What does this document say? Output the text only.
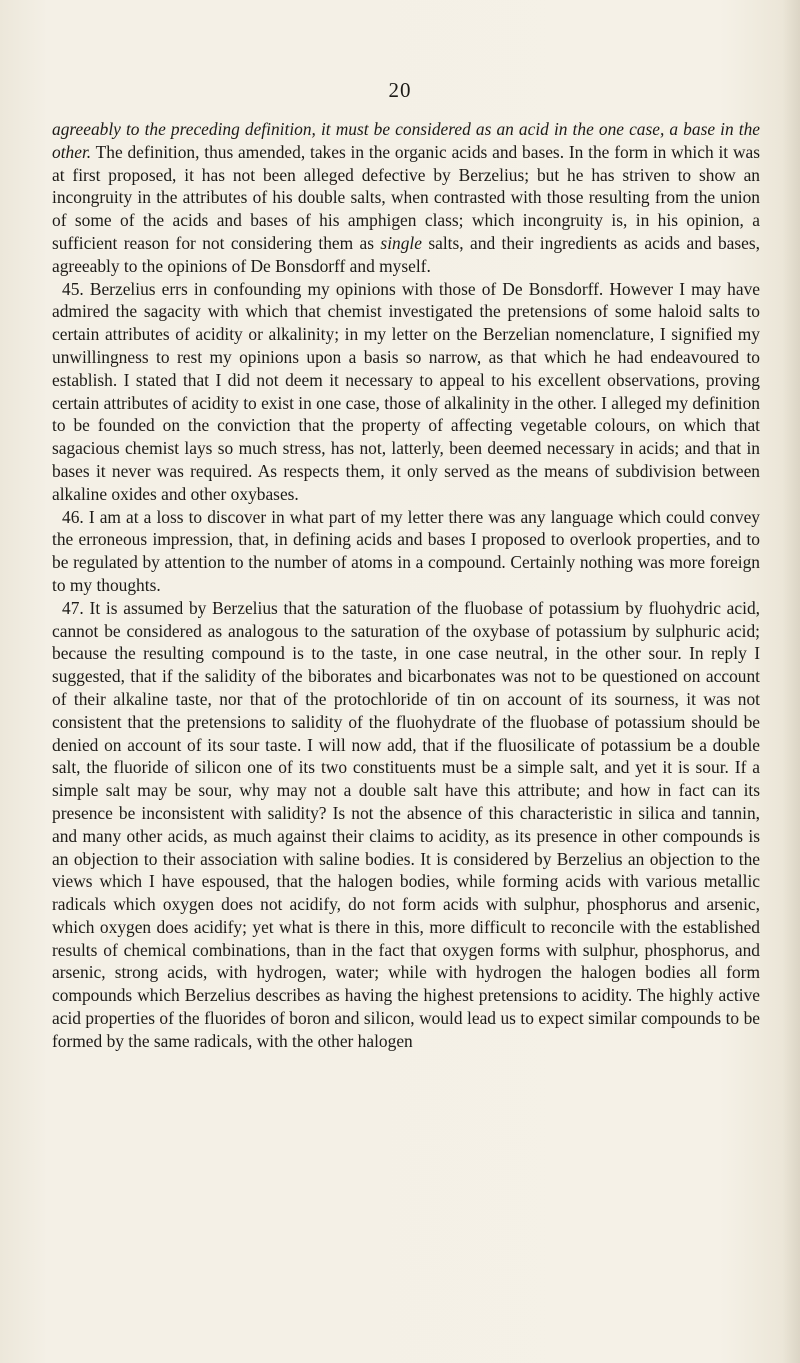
20

agreeably to the preceding definition, it must be considered as an acid in the one case, a base in the other. The definition, thus amended, takes in the organic acids and bases. In the form in which it was at first proposed, it has not been alleged defective by Berzelius; but he has striven to show an incongruity in the attributes of his double salts, when contrasted with those resulting from the union of some of the acids and bases of his amphigen class; which incongruity is, in his opinion, a sufficient reason for not considering them as single salts, and their ingredients as acids and bases, agreeably to the opinions of De Bonsdorff and myself.

45. Berzelius errs in confounding my opinions with those of De Bonsdorff. However I may have admired the sagacity with which that chemist investigated the pretensions of some haloid salts to certain attributes of acidity or alkalinity; in my letter on the Berzelian nomenclature, I signified my unwillingness to rest my opinions upon a basis so narrow, as that which he had endeavoured to establish. I stated that I did not deem it necessary to appeal to his excellent observations, proving certain attributes of acidity to exist in one case, those of alkalinity in the other. I alleged my definition to be founded on the conviction that the property of affecting vegetable colours, on which that sagacious chemist lays so much stress, has not, latterly, been deemed necessary in acids; and that in bases it never was required. As respects them, it only served as the means of subdivision between alkaline oxides and other oxybases.

46. I am at a loss to discover in what part of my letter there was any language which could convey the erroneous impression, that, in defining acids and bases I proposed to overlook properties, and to be regulated by attention to the number of atoms in a compound. Certainly nothing was more foreign to my thoughts.

47. It is assumed by Berzelius that the saturation of the fluobase of potassium by fluohydric acid, cannot be considered as analogous to the saturation of the oxybase of potassium by sulphuric acid; because the resulting compound is to the taste, in one case neutral, in the other sour. In reply I suggested, that if the salidity of the biborates and bicarbonates was not to be questioned on account of their alkaline taste, nor that of the protochloride of tin on account of its sourness, it was not consistent that the pretensions to salidity of the fluohydrate of the fluobase of potassium should be denied on account of its sour taste. I will now add, that if the fluosilicate of potassium be a double salt, the fluoride of silicon one of its two constituents must be a simple salt, and yet it is sour. If a simple salt may be sour, why may not a double salt have this attribute; and how in fact can its presence be inconsistent with salidity? Is not the absence of this characteristic in silica and tannin, and many other acids, as much against their claims to acidity, as its presence in other compounds is an objection to their association with saline bodies. It is considered by Berzelius an objection to the views which I have espoused, that the halogen bodies, while forming acids with various metallic radicals which oxygen does not acidify, do not form acids with sulphur, phosphorus and arsenic, which oxygen does acidify; yet what is there in this, more difficult to reconcile with the established results of chemical combinations, than in the fact that oxygen forms with sulphur, phosphorus, and arsenic, strong acids, with hydrogen, water; while with hydrogen the halogen bodies all form compounds which Berzelius describes as having the highest pretensions to acidity. The highly active acid properties of the fluorides of boron and silicon, would lead us to expect similar compounds to be formed by the same radicals, with the other halogen
